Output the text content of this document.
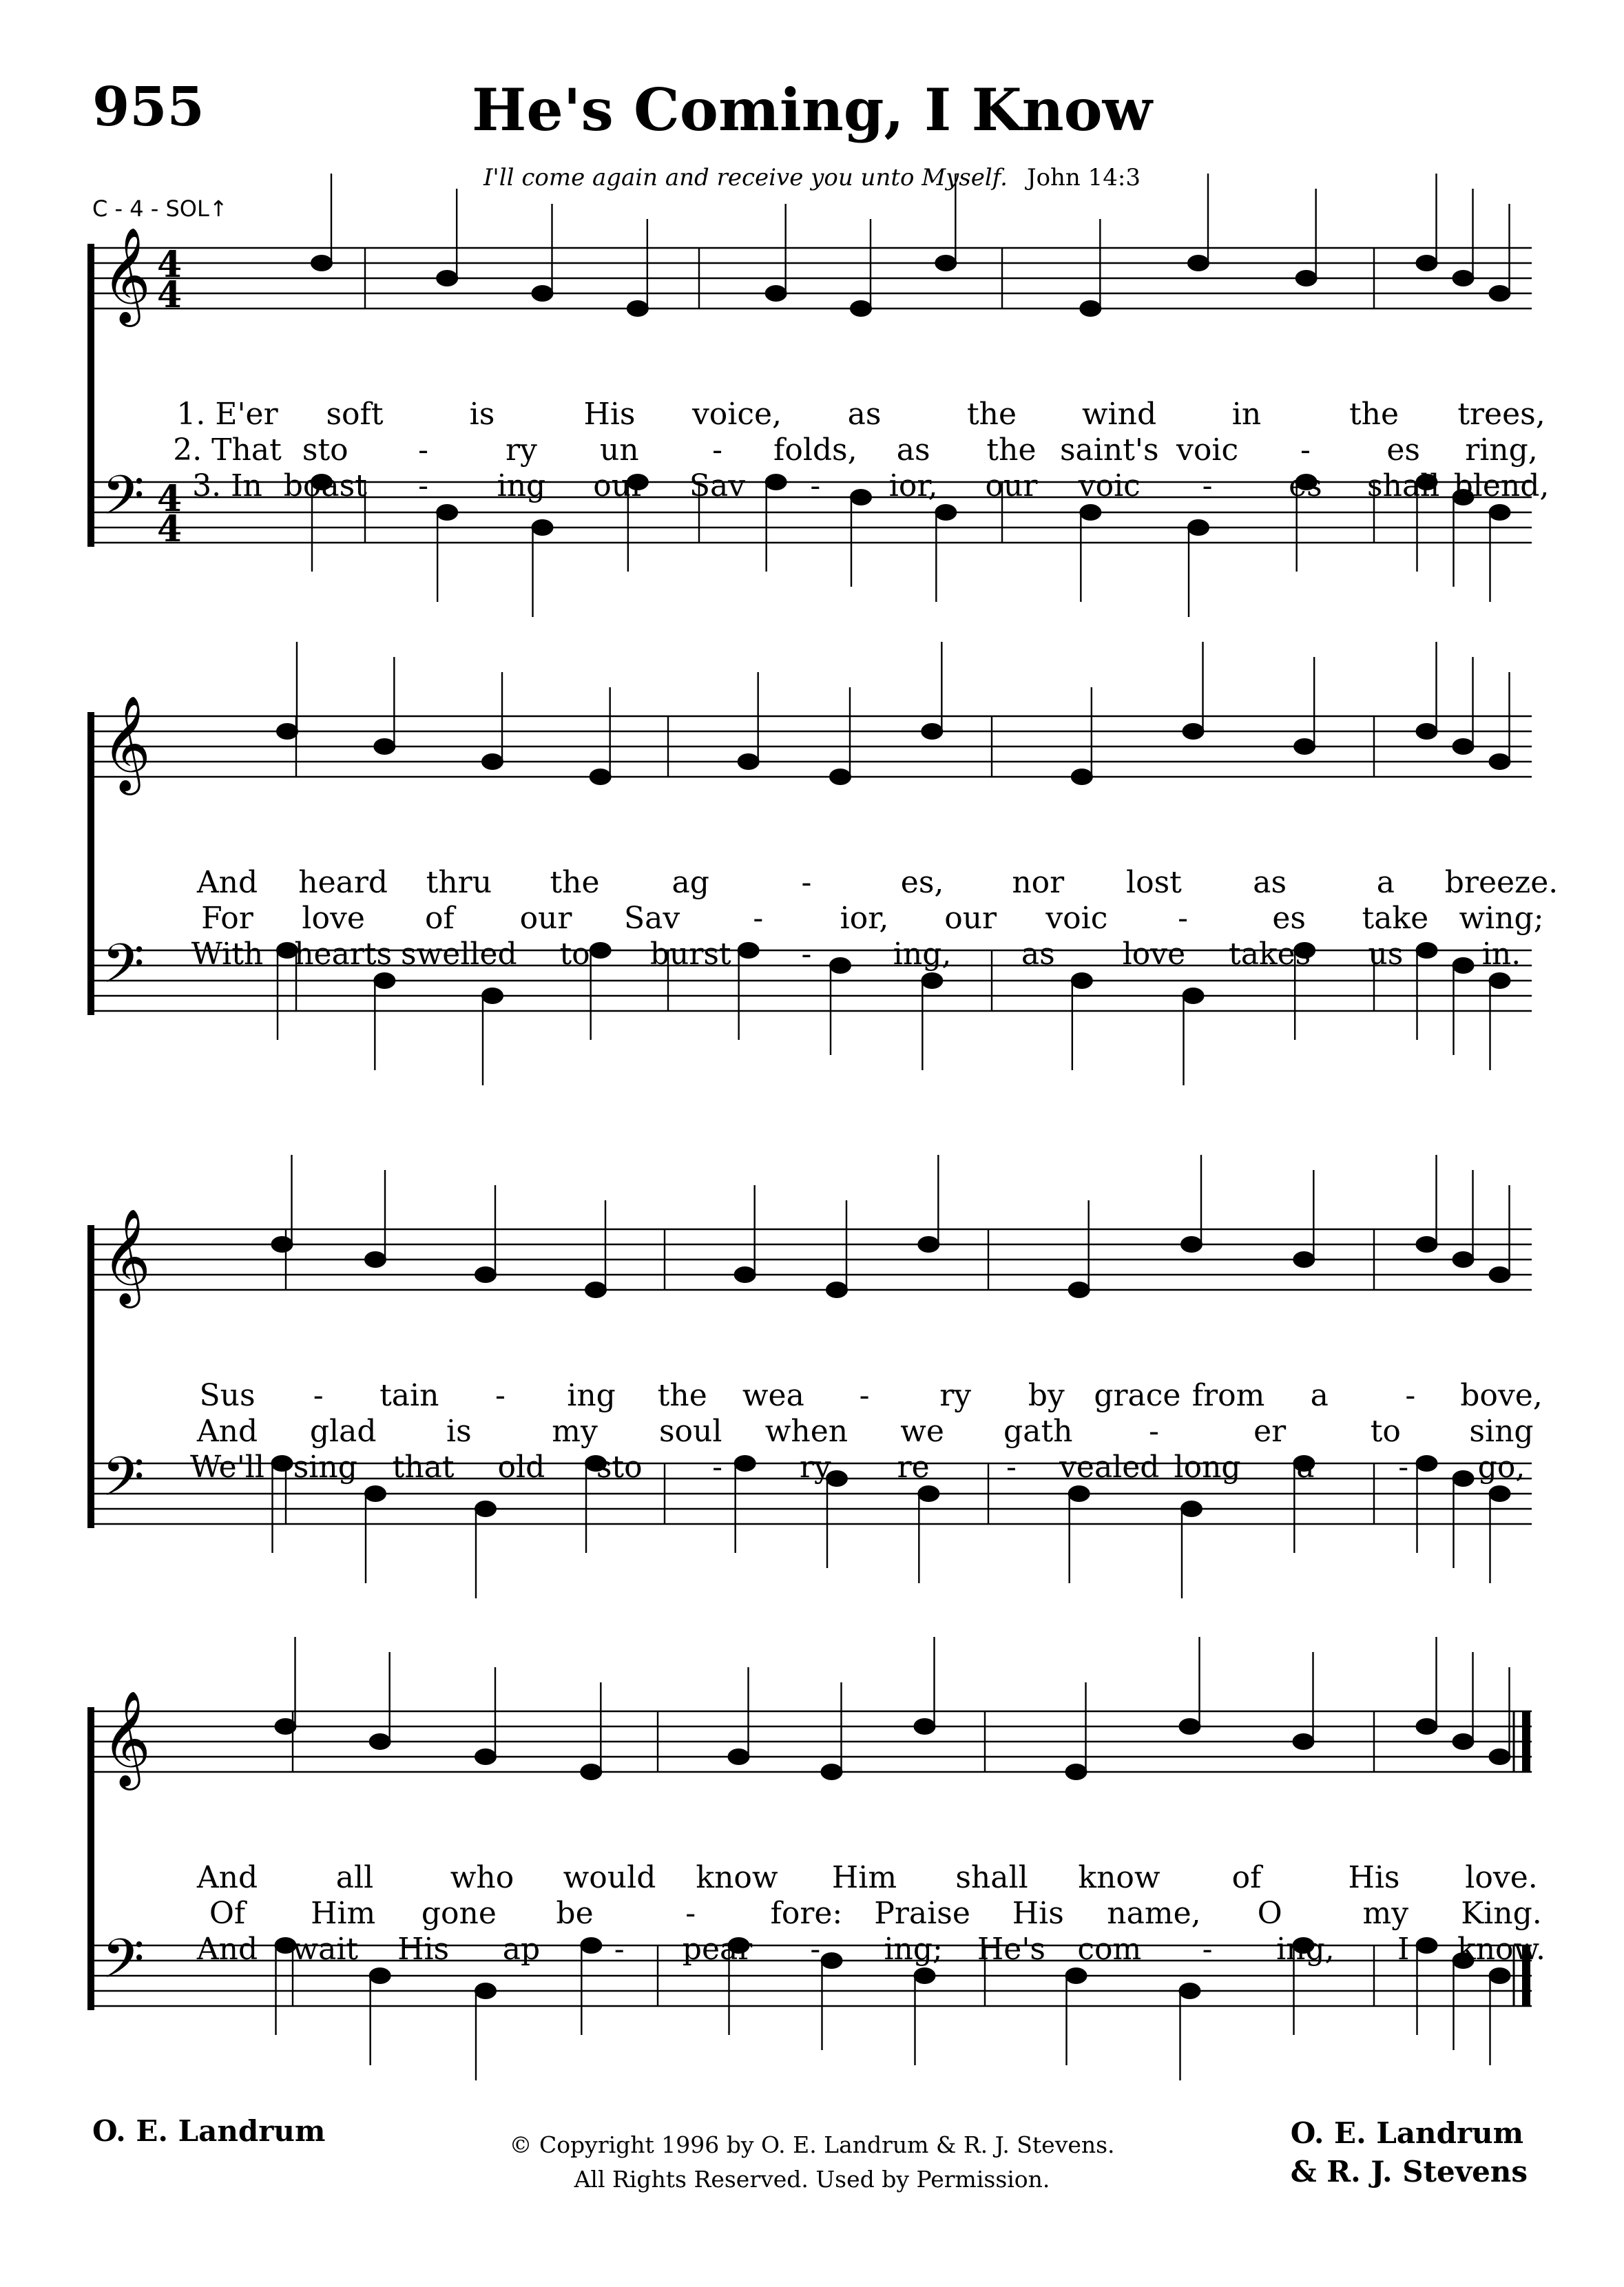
955	He's Coming, I Know
I'll come again and receive you unto Myself. John 14:3
C - 4 - SOL↑
𝄞
𝄢
4
4
4
4
𝄞
𝄢
𝄞
𝄢
𝄞
𝄢
1. E'er soft	is	His voice, as	the wind in	the trees,
2. That sto -	ry un - folds, as the saint's voic -	es ring,
3. In boast - ing our Sav - ior, our voic -	es shall blend,
And heard thru the ag	-	es, nor lost as	a breeze.
For love of our Sav -	ior, our voic -	es take wing;
With hearts swelled to burst -	ing, as love takes us	in.
Sus - tain - ing the wea - ry by grace from a	- bove,
And glad is	my soul when we gath	-	er	to sing
We'll sing that old sto -	ry re	- vealed long a	- go,
And	all	who would know Him shall know of	His love.
Of Him gone be	- fore: Praise His name, O	my King.
And wait His ap - pear - ing; He's com - ing, I know.
O. E. Landrum	© Copyright 1996 by O. E. Landrum & R. J. Stevens.
All Rights Reserved. Used by Permission.
O. E. Landrum
& R. J. Stevens
